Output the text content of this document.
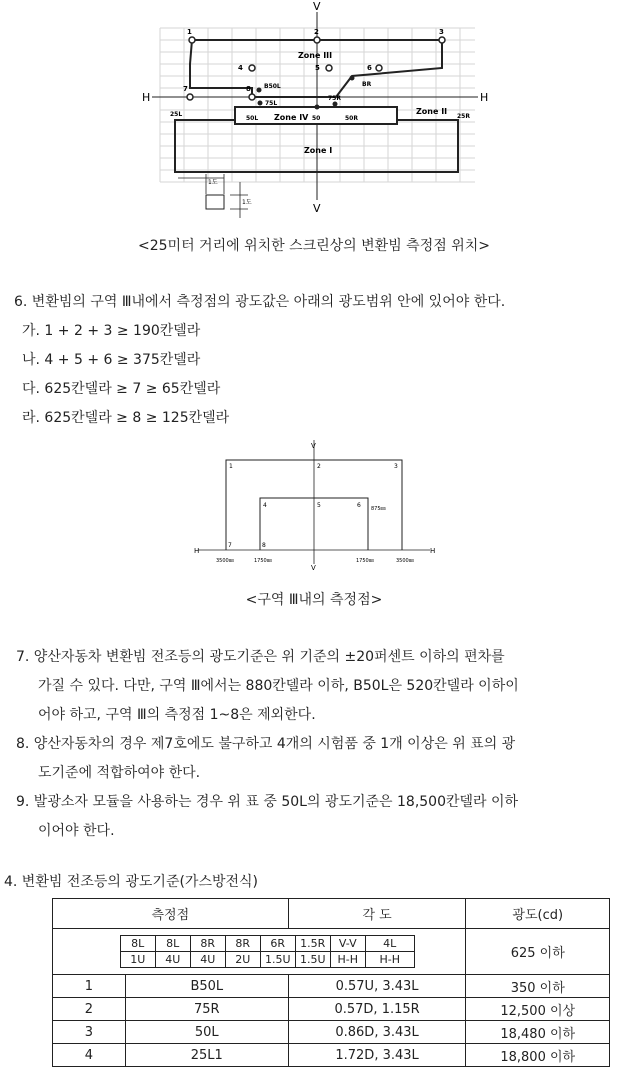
V
V
H	H
1	2	3
4	5	6
7	8 B50L
75L
75R
BR
50L	50	50R
25L	25R
Zone III
Zone IV
Zone II
Zone I
1도
1도
<25미터 거리에 위치한 스크린상의 변환빔 측정점 위치>
6. 변환빔의 구역 Ⅲ내에서 측정점의 광도값은 아래의 광도범위 안에 있어야 한다.
가. 1 + 2 + 3 ≥ 190칸델라
나. 4 + 5 + 6 ≥ 375칸델라
다. 625칸델라 ≥ 7 ≥ 65칸델라
라. 625칸델라 ≥ 8 ≥ 125칸델라
V
V
H	H
1	2	3
4	5	6
7	8
875㎜
3500㎜	1750㎜	1750㎜	3500㎜
<구역 Ⅲ내의 측정점>
7. 양산자동차 변환빔 전조등의 광도기준은 위 기준의 ±20퍼센트 이하의 편차를
가질 수 있다. 다만, 구역 Ⅲ에서는 880칸델라 이하, B50L은 520칸델라 이하이
어야 하고, 구역 Ⅲ의 측정점 1~8은 제외한다.
8. 양산자동차의 경우 제7호에도 불구하고 4개의 시험품 중 1개 이상은 위 표의 광
도기준에 적합하여야 한다.
9. 발광소자 모듈을 사용하는 경우 위 표 중 50L의 광도기준은 18,500칸델라 이하
이어야 한다.
4. 변환빔 전조등의 광도기준(가스방전식)
측정점	각 도	광도(cd)

8L	8L	8R	8R	6R	1.5R	V-V	4L
1U	4U	4U	2U	1.5U	1.5U	H-H	H-H
		625 이하
1	B50L	0.57U, 3.43L	350 이하
2	75R	0.57D, 1.15R	12,500 이상
3	50L	0.86D, 3.43L	18,480 이하
4	25L1	1.72D, 3.43L	18,800 이하
